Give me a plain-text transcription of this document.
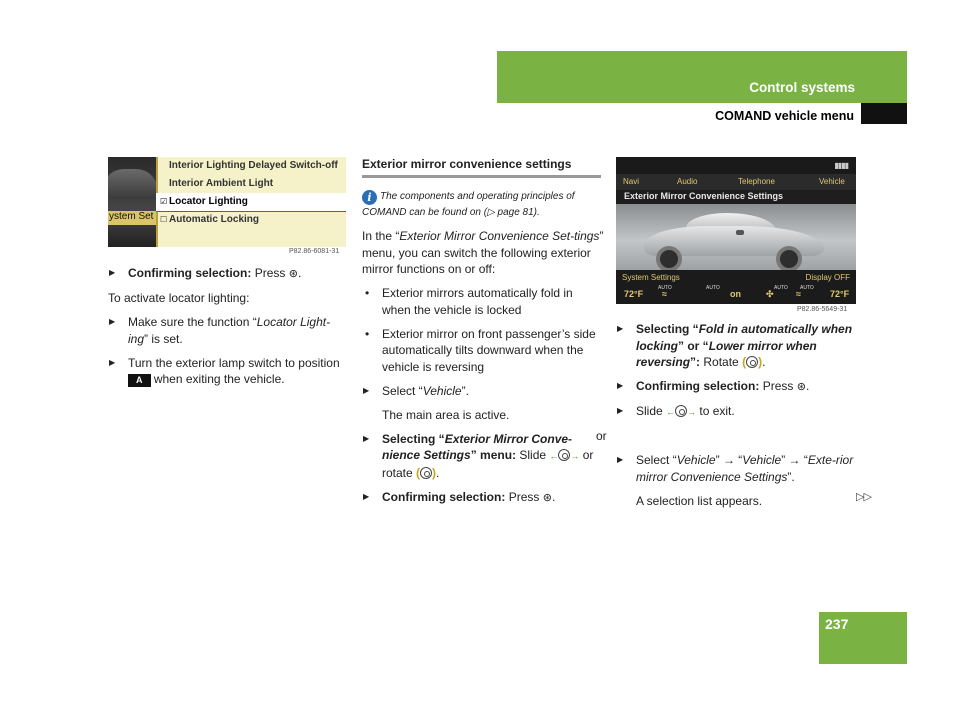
Control systems
COMAND vehicle menu
ystem Set
Interior Lighting Delayed Switch-off
Interior Ambient Light
☑ Locator Lighting
☐ Automatic Locking
P82.86-6081-31
▶ Confirming selection: Press ⊛.
To activate locator lighting:
▶ Make sure the function “Locator Light-ing” is set.
▶ Turn the exterior lamp switch to position A when exiting the vehicle.
Exterior mirror convenience settings
i The components and operating principles of COMAND can be found on (▷ page 81).
In the “Exterior Mirror Convenience Set-tings” menu, you can switch the following exterior mirror functions on or off:
• Exterior mirrors automatically fold in when the vehicle is locked
• Exterior mirror on front passenger’s side automatically tilts downward when the vehicle is reversing
▶ Select “Vehicle”.
The main area is active.
▶ Selecting “Exterior Mirror Conve-nience Settings” menu: Slide ← → or rotate ( ).
▶ Confirming selection: Press ⊛.
▮▮▮▮
Navi	Audio	Telephone	Vehicle
Exterior Mirror Convenience Settings
System Settings	Display OFF
72°F
AUTO
≈
AUTO
on	✣
AUTO AUTO
≈	72°F
P82.86-5649-31
▶ Selecting “Fold in automatically when locking” or “Lower mirror when reversing”: Rotate ( ).
▶ Confirming selection: Press ⊛.
▶ Slide ← → to exit.
or
▶ Select “Vehicle” → “Vehicle” → “Exte-rior mirror Convenience Settings”.
A selection list appears.	▷▷
237
